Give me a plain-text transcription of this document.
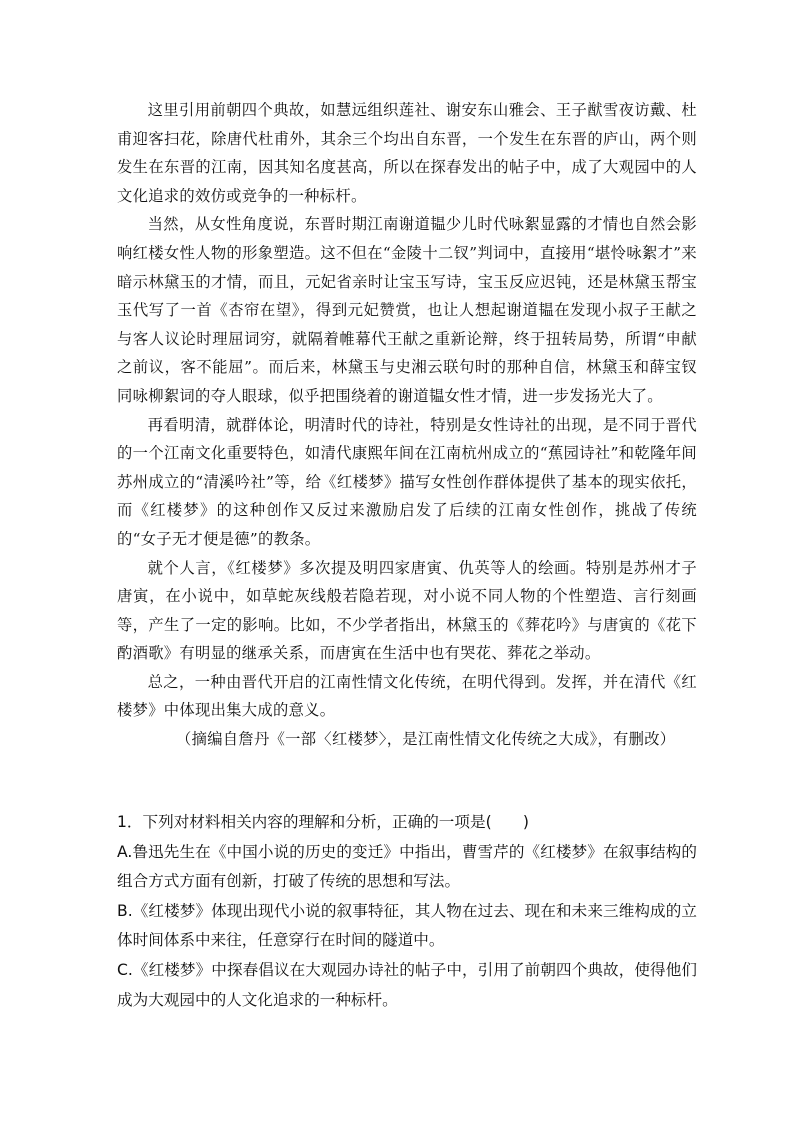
这里引用前朝四个典故，如慧远组织莲社、谢安东山雅会、王子猷雪夜访戴、杜甫迎客扫花，除唐代杜甫外，其余三个均出自东晋，一个发生在东晋的庐山，两个则发生在东晋的江南，因其知名度甚高，所以在探春发出的帖子中，成了大观园中的人文化追求的效仿或竞争的一种标杆。

当然，从女性角度说，东晋时期江南谢道韫少儿时代咏絮显露的才情也自然会影响红楼女性人物的形象塑造。这不但在“金陵十二钗”判词中，直接用“堪怜咏絮才”来暗示林黛玉的才情，而且，元妃省亲时让宝玉写诗，宝玉反应迟钝，还是林黛玉帮宝玉代写了一首《杏帘在望》，得到元妃赞赏，也让人想起谢道韫在发现小叔子王献之与客人议论时理屈词穷，就隔着帷幕代王献之重新论辩，终于扭转局势，所谓“申献之前议，客不能屈”。而后来，林黛玉与史湘云联句时的那种自信，林黛玉和薛宝钗同咏柳絮词的夺人眼球，似乎把围绕着的谢道韫女性才情，进一步发扬光大了。

再看明清，就群体论，明清时代的诗社，特别是女性诗社的出现，是不同于晋代的一个江南文化重要特色，如清代康熙年间在江南杭州成立的“蕉园诗社”和乾隆年间苏州成立的“清溪吟社”等，给《红楼梦》描写女性创作群体提供了基本的现实依托，而《红楼梦》的这种创作又反过来激励启发了后续的江南女性创作，挑战了传统的“女子无才便是德”的教条。

就个人言，《红楼梦》多次提及明四家唐寅、仇英等人的绘画。特别是苏州才子唐寅，在小说中，如草蛇灰线般若隐若现，对小说不同人物的个性塑造、言行刻画等，产生了一定的影响。比如，不少学者指出，林黛玉的《葬花吟》与唐寅的《花下酌酒歌》有明显的继承关系，而唐寅在生活中也有哭花、葬花之举动。

总之，一种由晋代开启的江南性情文化传统，在明代得到。发挥，并在清代《红楼梦》中体现出集大成的意义。

（摘编自詹丹《一部〈红楼梦〉，是江南性情文化传统之大成》，有删改）

1．下列对材料相关内容的理解和分析，正确的一项是(　　)

A.鲁迅先生在《中国小说的历史的变迁》中指出，曹雪芹的《红楼梦》在叙事结构的组合方式方面有创新，打破了传统的思想和写法。

B.《红楼梦》体现出现代小说的叙事特征，其人物在过去、现在和未来三维构成的立体时间体系中来往，任意穿行在时间的隧道中。

C.《红楼梦》中探春倡议在大观园办诗社的帖子中，引用了前朝四个典故，使得他们成为大观园中的人文化追求的一种标杆。
